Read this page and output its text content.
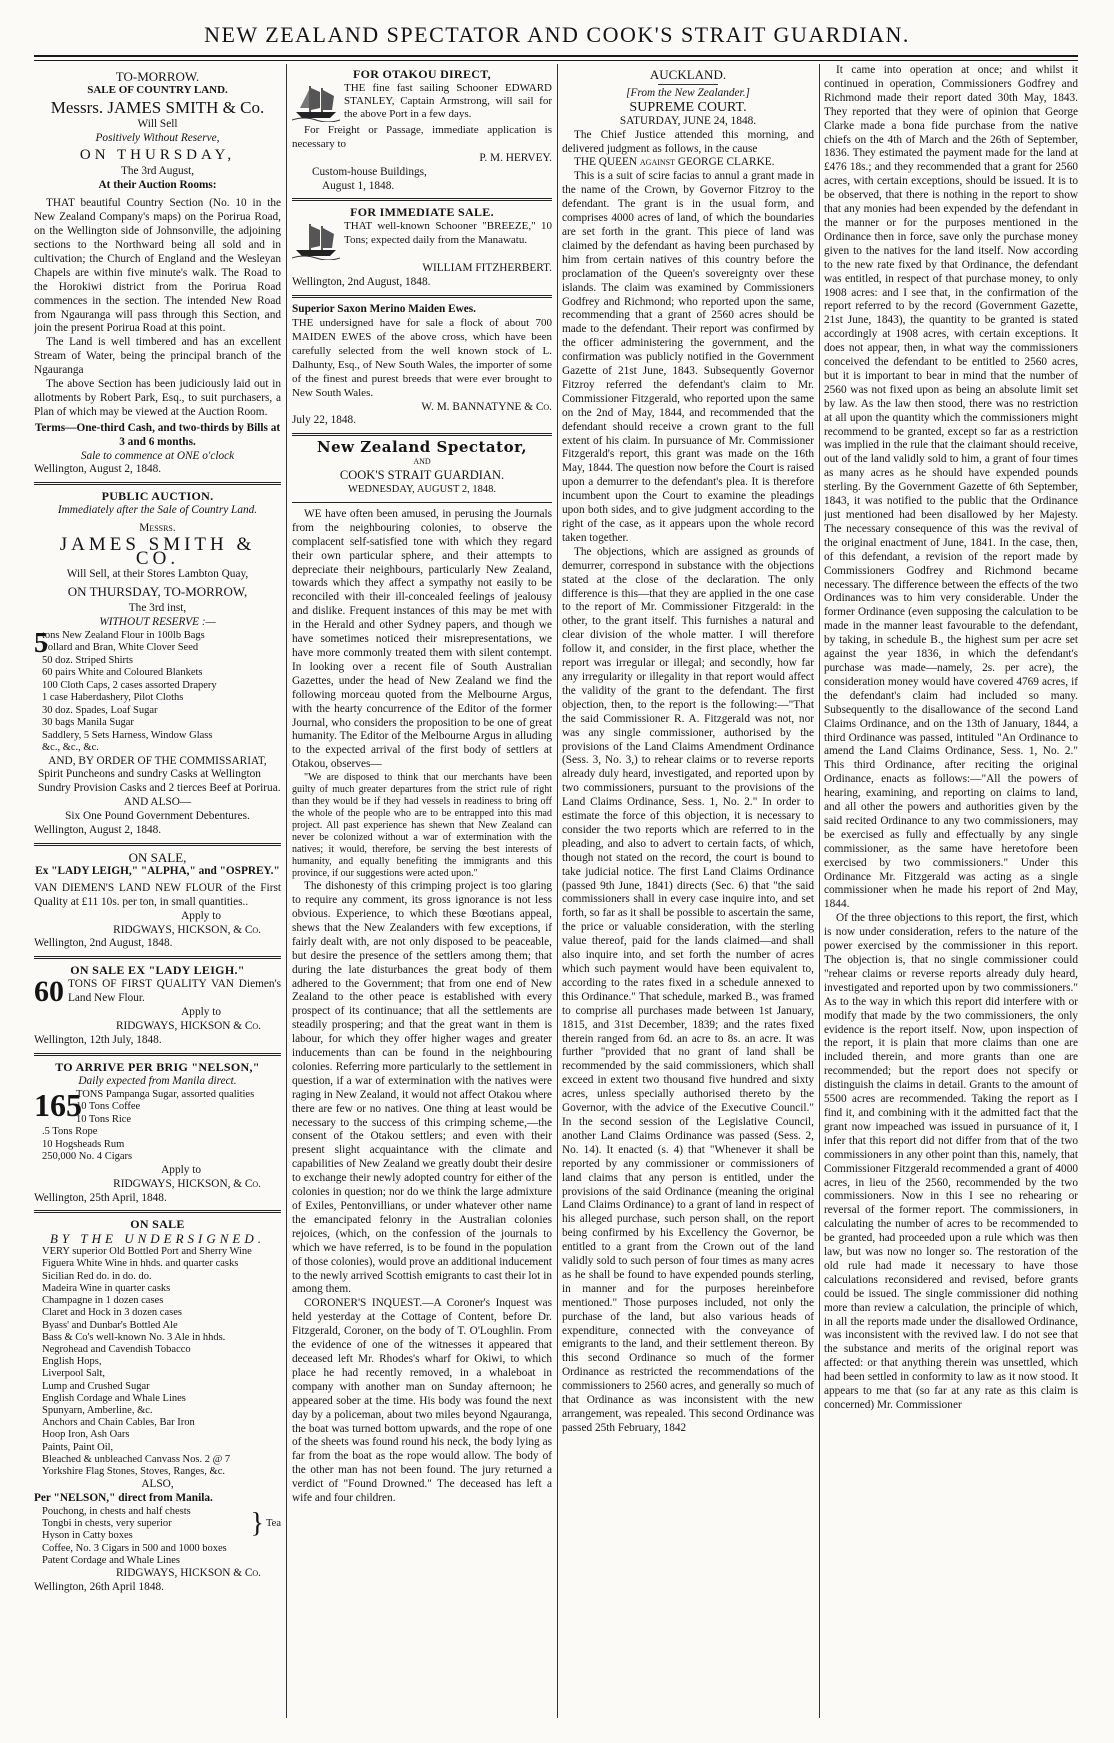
NEW ZEALAND SPECTATOR AND COOK'S STRAIT GUARDIAN.
TO-MORROW.
SALE OF COUNTRY LAND.
Messrs. JAMES SMITH & Co.
Will Sell
Positively Without Reserve,
ON THURSDAY,
The 3rd August,
At their Auction Rooms:

THAT beautiful Country Section (No. 10 in the New Zealand Company's maps) on the Porirua Road, on the Wellington side of Johnsonville, the adjoining sections to the Northward being all sold and in cultivation; the Church of England and the Wesleyan Chapels are within five minute's walk. The Road to the Horokiwi district from the Porirua Road commences in the section. The intended New Road from Ngauranga will pass through this Section, and join the present Porirua Road at this point.

The Land is well timbered and has an excellent Stream of Water, being the principal branch of the Ngauranga

The above Section has been judiciously laid out in allotments by Robert Park, Esq., to suit purchasers, a Plan of which may be viewed at the Auction Room.

Terms—One-third Cash, and two-thirds by Bills at 3 and 6 months.
Sale to commence at ONE o'clock
Wellington, August 2, 1848.
PUBLIC AUCTION.
Immediately after the Sale of Country Land.
Messrs.
JAMES SMITH & CO.
Will Sell, at their Stores Lambton Quay,
ON THURSDAY, TO-MORROW,
The 3rd inst,
WITHOUT RESERVE :—
5
tons New Zealand Flour in 100lb Bags
Pollard and Bran, White Clover Seed
50 doz. Striped Shirts
60 pairs White and Coloured Blankets
100 Cloth Caps, 2 cases assorted Drapery
1 case Haberdashery, Pilot Cloths
30 doz. Spades, Loaf Sugar
30 bags Manila Sugar
Saddlery, 5 Sets Harness, Window Glass
&c., &c., &c.
AND, BY ORDER OF THE COMMISSARIAT,
Spirit Puncheons and sundry Casks at Wellington
Sundry Provision Casks and 2 tierces Beef at Porirua.
AND ALSO—
Six One Pound Government Debentures.
Wellington, August 2, 1848.
ON SALE,
Ex "LADY LEIGH," "ALPHA," and "OSPREY."

VAN DIEMEN'S LAND NEW FLOUR of the First Quality at £11 10s. per ton, in small quantities..

Apply to
RIDGWAYS, HICKSON, & Co.
Wellington, 2nd August, 1848.
ON SALE EX "LADY LEIGH."
60 TONS OF FIRST QUALITY VAN Diemen's Land New Flour.
Apply to
RIDGWAYS, HICKSON & Co.
Wellington, 12th July, 1848.
TO ARRIVE PER BRIG "NELSON,"
Daily expected from Manila direct.
165
TONS Pampanga Sugar, assorted qualities
10 Tons Coffee
10 Tons Rice
.5 Tons Rope
10 Hogsheads Rum
250,000 No. 4 Cigars
Apply to
RIDGWAYS, HICKSON, & Co.
Wellington, 25th April, 1848.
ON SALE
BY THE UNDERSIGNED.
VERY superior Old Bottled Port and Sherry Wine
Figuera White Wine in hhds. and quarter casks
Sicilian Red do. in do. do.
Madeira Wine in quarter casks
Champagne in 1 dozen cases
Claret and Hock in 3 dozen cases
Byass' and Dunbar's Bottled Ale
Bass & Co's well-known No. 3 Ale in hhds.
Negrohead and Cavendish Tobacco
English Hops,
Liverpool Salt,
Lump and Crushed Sugar
English Cordage and Whale Lines
Spunyarn, Amberline, &c.
Anchors and Chain Cables, Bar Iron
Hoop Iron, Ash Oars
Paints, Paint Oil,
Bleached & unbleached Canvass Nos. 2 @ 7
Yorkshire Flag Stones, Stoves, Ranges, &c.
ALSO,
Per "NELSON," direct from Manila.
Pouchong, in chests and half chests
Tongbi in chests, very superior
Hyson in Catty boxes	} Tea
Coffee, No. 3 Cigars in 500 and 1000 boxes
Patent Cordage and Whale Lines
RIDGWAYS, HICKSON & Co.
Wellington, 26th April 1848.
FOR OTAKOU DIRECT,
THE fine fast sailing Schooner EDWARD STANLEY, Captain Armstrong, will sail for the above Port in a few days.

For Freight or Passage, immediate application is necessary to

P. M. HERVEY.
Custom-house Buildings,
August 1, 1848.
FOR IMMEDIATE SALE.
THAT well-known Schooner "BREEZE," 10 Tons; expected daily from the Manawatu.
WILLIAM FITZHERBERT.
Wellington, 2nd August, 1848.
Superior Saxon Merino Maiden Ewes.

THE undersigned have for sale a flock of about 700 MAIDEN EWES of the above cross, which have been carefully selected from the well known stock of L. Dalhunty, Esq., of New South Wales, the importer of some of the finest and purest breeds that were ever brought to New South Wales.

W. M. BANNATYNE & Co.
July 22, 1848.
New Zealand Spectator,
AND
COOK'S STRAIT GUARDIAN.
WEDNESDAY, AUGUST 2, 1848.

WE have often been amused, in perusing the Journals from the neighbouring colonies, to observe the complacent self-satisfied tone with which they regard their own particular sphere, and their attempts to depreciate their neighbours, particularly New Zealand, towards which they affect a sympathy not easily to be reconciled with their ill-concealed feelings of jealousy and dislike. Frequent instances of this may be met with in the Herald and other Sydney papers, and though we have sometimes noticed their misrepresentations, we have more commonly treated them with silent contempt. In looking over a recent file of South Australian Gazettes, under the head of New Zealand we find the following morceau quoted from the Melbourne Argus, with the hearty concurrence of the Editor of the former Journal, who considers the proposition to be one of great humanity. The Editor of the Melbourne Argus in alluding to the expected arrival of the first body of settlers at Otakou, observes—

"We are disposed to think that our merchants have been guilty of much greater departures from the strict rule of right than they would be if they had vessels in readiness to bring off the whole of the people who are to be entrapped into this mad project. All past experience has shewn that New Zealand can never be colonized without a war of extermination with the natives; it would, therefore, be serving the best interests of humanity, and equally benefiting the immigrants and this province, if our suggestions were acted upon."

The dishonesty of this crimping project is too glaring to require any comment, its gross ignorance is not less obvious. Experience, to which these Bœotians appeal, shews that the New Zealanders with few exceptions, if fairly dealt with, are not only disposed to be peaceable, but desire the presence of the settlers among them; that during the late disturbances the great body of them adhered to the Government; that from one end of New Zealand to the other peace is established with every prospect of its continuance; that all the settlements are steadily prospering; and that the great want in them is labour, for which they offer higher wages and greater inducements than can be found in the neighbouring colonies. Referring more particularly to the settlement in question, if a war of extermination with the natives were raging in New Zealand, it would not affect Otakou where there are few or no natives. One thing at least would be necessary to the success of this crimping scheme,—the consent of the Otakou settlers; and even with their present slight acquaintance with the climate and capabilities of New Zealand we greatly doubt their desire to exchange their newly adopted country for either of the colonies in question; nor do we think the large admixture of Exiles, Pentonvillians, or under whatever other name the emancipated felonry in the Australian colonies rejoices, (which, on the confession of the journals to which we have referred, is to be found in the population of those colonies), would prove an additional inducement to the newly arrived Scottish emigrants to cast their lot in among them.

CORONER'S INQUEST.—A Coroner's Inquest was held yesterday at the Cottage of Content, before Dr. Fitzgerald, Coroner, on the body of T. O'Loughlin. From the evidence of one of the witnesses it appeared that deceased left Mr. Rhodes's wharf for Okiwi, to which place he had recently removed, in a whaleboat in company with another man on Sunday afternoon; he appeared sober at the time. His body was found the next day by a policeman, about two miles beyond Ngauranga, the boat was turned bottom upwards, and the rope of one of the sheets was found round his neck, the body lying as far from the boat as the rope would allow. The body of the other man has not been found. The jury returned a verdict of "Found Drowned." The deceased has left a wife and four children.

AUCKLAND.
[From the New Zealander.]
SUPREME COURT.
SATURDAY, JUNE 24, 1848.

The Chief Justice attended this morning, and delivered judgment as follows, in the cause

THE QUEEN against GEORGE CLARKE.

This is a suit of scire facias to annul a grant made in the name of the Crown, by Governor Fitzroy to the defendant. The grant is in the usual form, and comprises 4000 acres of land, of which the boundaries are set forth in the grant. This piece of land was claimed by the defendant as having been purchased by him from certain natives of this country before the proclamation of the Queen's sovereignty over these islands. The claim was examined by Commissioners Godfrey and Richmond; who reported upon the same, recommending that a grant of 2560 acres should be made to the defendant. Their report was confirmed by the officer administering the government, and the confirmation was publicly notified in the Government Gazette of 21st June, 1843. Subsequently Governor Fitzroy referred the defendant's claim to Mr. Commissioner Fitzgerald, who reported upon the same on the 2nd of May, 1844, and recommended that the defendant should receive a crown grant to the full extent of his claim. In pursuance of Mr. Commissioner Fitzgerald's report, this grant was made on the 16th May, 1844. The question now before the Court is raised upon a demurrer to the defendant's plea. It is therefore incumbent upon the Court to examine the pleadings upon both sides, and to give judgment according to the right of the case, as it appears upon the whole record taken together.

The objections, which are assigned as grounds of demurrer, correspond in substance with the objections stated at the close of the declaration. The only difference is this—that they are applied in the one case to the report of Mr. Commissioner Fitzgerald: in the other, to the grant itself. This furnishes a natural and clear division of the whole matter. I will therefore follow it, and consider, in the first place, whether the report was irregular or illegal; and secondly, how far any irregularity or illegality in that report would affect the validity of the grant to the defendant. The first objection, then, to the report is the following:—"That the said Commissioner R. A. Fitzgerald was not, nor was any single commissioner, authorised by the provisions of the Land Claims Amendment Ordinance (Sess. 3, No. 3,) to rehear claims or to reverse reports already duly heard, investigated, and reported upon by two commissioners, pursuant to the provisions of the Land Claims Ordinance, Sess. 1, No. 2." In order to estimate the force of this objection, it is necessary to consider the two reports which are referred to in the pleading, and also to advert to certain facts, of which, though not stated on the record, the court is bound to take judicial notice. The first Land Claims Ordinance (passed 9th June, 1841) directs (Sec. 6) that "the said commissioners shall in every case inquire into, and set forth, so far as it shall be possible to ascertain the same, the price or valuable consideration, with the sterling value thereof, paid for the lands claimed—and shall also inquire into, and set forth the number of acres which such payment would have been equivalent to, according to the rates fixed in a schedule annexed to this Ordinance." That schedule, marked B., was framed to comprise all purchases made between 1st January, 1815, and 31st December, 1839; and the rates fixed therein ranged from 6d. an acre to 8s. an acre. It was further "provided that no grant of land shall be recommended by the said commissioners, which shall exceed in extent two thousand five hundred and sixty acres, unless specially authorised thereto by the Governor, with the advice of the Executive Council." In the second session of the Legislative Council, another Land Claims Ordinance was passed (Sess. 2, No. 14). It enacted (s. 4) that "Whenever it shall be reported by any commissioner or commissioners of land claims that any person is entitled, under the provisions of the said Ordinance (meaning the original Land Claims Ordinance) to a grant of land in respect of his alleged purchase, such person shall, on the report being confirmed by his Excellency the Governor, be entitled to a grant from the Crown out of the land validly sold to such person of four times as many acres as he shall be found to have expended pounds sterling, in manner and for the purposes hereinbefore mentioned." Those purposes included, not only the purchase of the land, but also various heads of expenditure, connected with the conveyance of emigrants to the land, and their settlement thereon. By this second Ordinance so much of the former Ordinance as restricted the recommendations of the commissioners to 2560 acres, and generally so much of that Ordinance as was inconsistent with the new arrangement, was repealed. This second Ordinance was passed 25th February, 1842

It came into operation at once; and whilst it continued in operation, Commissioners Godfrey and Richmond made their report dated 30th May, 1843. They reported that they were of opinion that George Clarke made a bona fide purchase from the native chiefs on the 4th of March and the 26th of September, 1836. They estimated the payment made for the land at £476 18s.; and they recommended that a grant for 2560 acres, with certain exceptions, should be issued. It is to be observed, that there is nothing in the report to show that any monies had been expended by the defendant in the manner or for the purposes mentioned in the Ordinance then in force, save only the purchase money given to the natives for the land itself. Now according to the new rate fixed by that Ordinance, the defendant was entitled, in respect of that purchase money, to only 1908 acres: and I see that, in the confirmation of the report referred to by the record (Government Gazette, 21st June, 1843), the quantity to be granted is stated accordingly at 1908 acres, with certain exceptions. It does not appear, then, in what way the commissioners conceived the defendant to be entitled to 2560 acres, but it is important to bear in mind that the number of 2560 was not fixed upon as being an absolute limit set by law. As the law then stood, there was no restriction at all upon the quantity which the commissioners might recommend to be granted, except so far as a restriction was implied in the rule that the claimant should receive, out of the land validly sold to him, a grant of four times as many acres as he should have expended pounds sterling. By the Government Gazette of 6th September, 1843, it was notified to the public that the Ordinance just mentioned had been disallowed by her Majesty. The necessary consequence of this was the revival of the original enactment of June, 1841. In the case, then, of this defendant, a revision of the report made by Commissioners Godfrey and Richmond became necessary. The difference between the effects of the two Ordinances was to him very considerable. Under the former Ordinance (even supposing the calculation to be made in the manner least favourable to the defendant, by taking, in schedule B., the highest sum per acre set against the year 1836, in which the defendant's purchase was made—namely, 2s. per acre), the consideration money would have covered 4769 acres, if the defendant's claim had included so many. Subsequently to the disallowance of the second Land Claims Ordinance, and on the 13th of January, 1844, a third Ordinance was passed, intituled "An Ordinance to amend the Land Claims Ordinance, Sess. 1, No. 2." This third Ordinance, after reciting the original Ordinance, enacts as follows:—"All the powers of hearing, examining, and reporting on claims to land, and all other the powers and authorities given by the said recited Ordinance to any two commissioners, may be exercised as fully and effectually by any single commissioner, as the same have heretofore been exercised by two commissioners." Under this Ordinance Mr. Fitzgerald was acting as a single commissioner when he made his report of 2nd May, 1844.

Of the three objections to this report, the first, which is now under consideration, refers to the nature of the power exercised by the commissioner in this report. The objection is, that no single commissioner could "rehear claims or reverse reports already duly heard, investigated and reported upon by two commissioners." As to the way in which this report did interfere with or modify that made by the two commissioners, the only evidence is the report itself. Now, upon inspection of the report, it is plain that more claims than one are included therein, and more grants than one are recommended; but the report does not specify or distinguish the claims in detail. Grants to the amount of 5500 acres are recommended. Taking the report as I find it, and combining with it the admitted fact that the grant now impeached was issued in pursuance of it, I infer that this report did not differ from that of the two commissioners in any other point than this, namely, that Commissioner Fitzgerald recommended a grant of 4000 acres, in lieu of the 2560, recommended by the two commissioners. Now in this I see no rehearing or reversal of the former report. The commissioners, in calculating the number of acres to be recommended to be granted, had proceeded upon a rule which was then law, but was now no longer so. The restoration of the old rule had made it necessary to have those calculations reconsidered and revised, before grants could be issued. The single commissioner did nothing more than review a calculation, the principle of which, in all the reports made under the disallowed Ordinance, was inconsistent with the revived law. I do not see that the substance and merits of the original report was affected: or that anything therein was unsettled, which had been settled in conformity to law as it now stood. It appears to me that (so far at any rate as this claim is concerned) Mr. Commissioner
